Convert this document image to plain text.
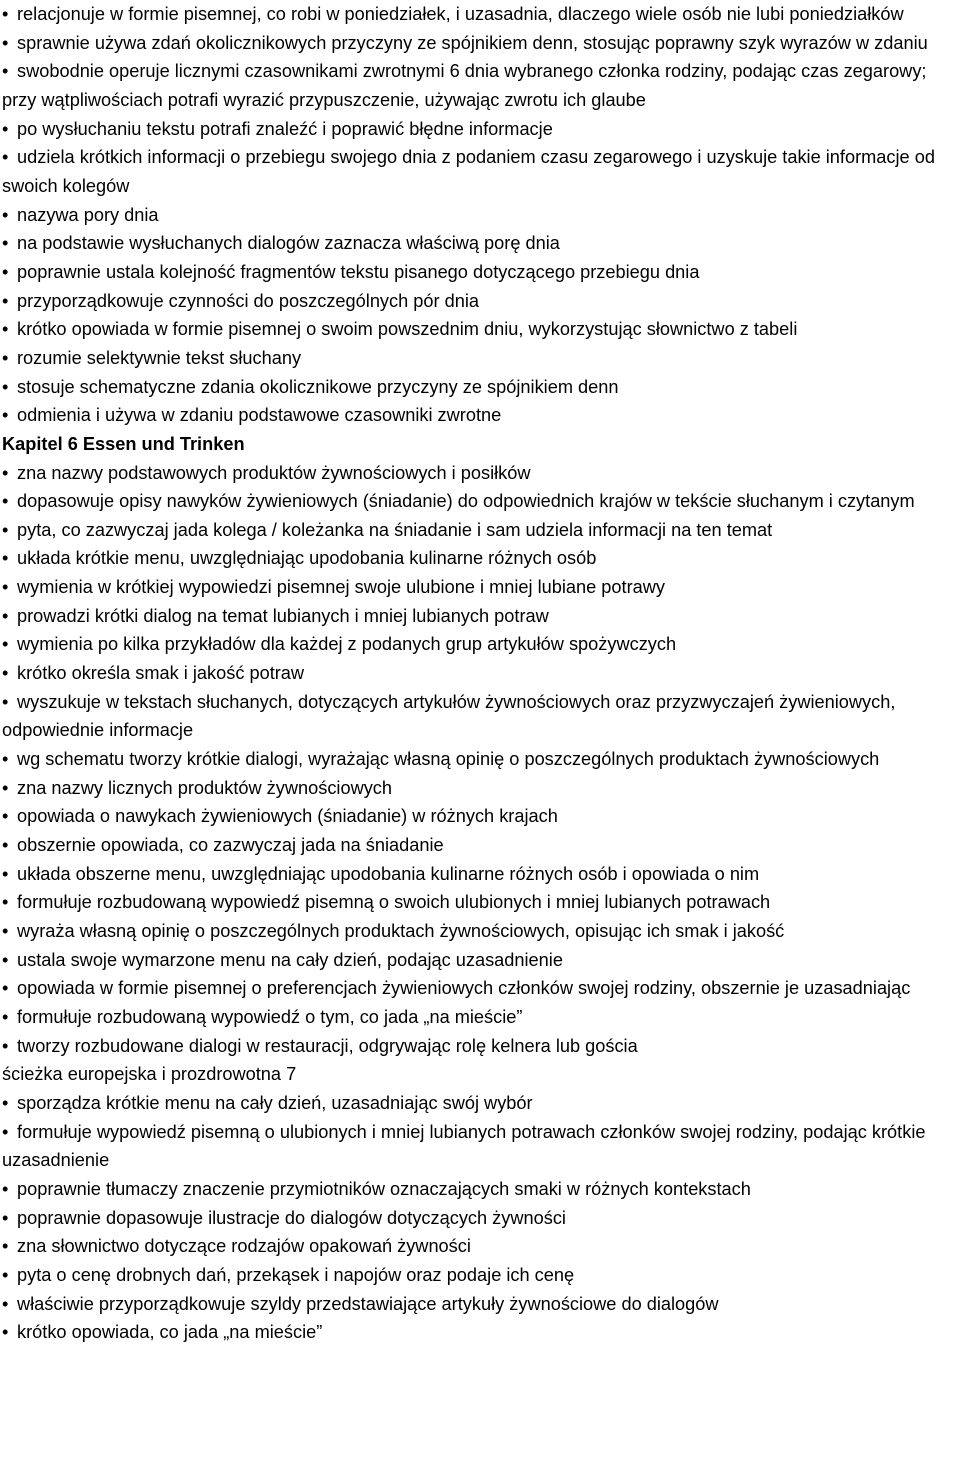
• relacjonuje w formie pisemnej, co robi w poniedziałek, i uzasadnia, dlaczego wiele osób nie lubi poniedziałków

• sprawnie używa zdań okolicznikowych przyczyny ze spójnikiem denn, stosując poprawny szyk wyrazów w zdaniu

• swobodnie operuje licznymi czasownikami zwrotnymi 6 dnia wybranego członka rodziny, podając czas zegarowy; przy wątpliwościach potrafi wyrazić przypuszczenie, używając zwrotu ich glaube

• po wysłuchaniu tekstu potrafi znaleźć i poprawić błędne informacje

• udziela krótkich informacji o przebiegu swojego dnia z podaniem czasu zegarowego i uzyskuje takie informacje od swoich kolegów

• nazywa pory dnia

• na podstawie wysłuchanych dialogów zaznacza właściwą porę dnia

• poprawnie ustala kolejność fragmentów tekstu pisanego dotyczącego przebiegu dnia

• przyporządkowuje czynności do poszczególnych pór dnia

• krótko opowiada w formie pisemnej o swoim powszednim dniu, wykorzystując słownictwo z tabeli

• rozumie selektywnie tekst słuchany

• stosuje schematyczne zdania okolicznikowe przyczyny ze spójnikiem denn

• odmienia i używa w zdaniu podstawowe czasowniki zwrotne

Kapitel 6 Essen und Trinken

• zna nazwy podstawowych produktów żywnościowych i posiłków

• dopasowuje opisy nawyków żywieniowych (śniadanie) do odpowiednich krajów w tekście słuchanym i czytanym

• pyta, co zazwyczaj jada kolega / koleżanka na śniadanie i sam udziela informacji na ten temat

• układa krótkie menu, uwzględniając upodobania kulinarne różnych osób

• wymienia w krótkiej wypowiedzi pisemnej swoje ulubione i mniej lubiane potrawy

• prowadzi krótki dialog na temat lubianych i mniej lubianych potraw

• wymienia po kilka przykładów dla każdej z podanych grup artykułów spożywczych

• krótko określa smak i jakość potraw

• wyszukuje w tekstach słuchanych, dotyczących artykułów żywnościowych oraz przyzwyczajeń żywieniowych, odpowiednie informacje

• wg schematu tworzy krótkie dialogi, wyrażając własną opinię o poszczególnych produktach żywnościowych

• zna nazwy licznych produktów żywnościowych

• opowiada o nawykach żywieniowych (śniadanie) w różnych krajach

• obszernie opowiada, co zazwyczaj jada na śniadanie

• układa obszerne menu, uwzględniając upodobania kulinarne różnych osób i opowiada o nim

• formułuje rozbudowaną wypowiedź pisemną o swoich ulubionych i mniej lubianych potrawach

• wyraża własną opinię o poszczególnych produktach żywnościowych, opisując ich smak i jakość

• ustala swoje wymarzone menu na cały dzień, podając uzasadnienie

• opowiada w formie pisemnej o preferencjach żywieniowych członków swojej rodziny, obszernie je uzasadniając

• formułuje rozbudowaną wypowiedź o tym, co jada „na mieście”

• tworzy rozbudowane dialogi w restauracji, odgrywając rolę kelnera lub gościa

ścieżka europejska i prozdrowotna 7

• sporządza krótkie menu na cały dzień, uzasadniając swój wybór

• formułuje wypowiedź pisemną o ulubionych i mniej lubianych potrawach członków swojej rodziny, podając krótkie uzasadnienie

• poprawnie tłumaczy znaczenie przymiotników oznaczających smaki w różnych kontekstach

• poprawnie dopasowuje ilustracje do dialogów dotyczących żywności

• zna słownictwo dotyczące rodzajów opakowań żywności

• pyta o cenę drobnych dań, przekąsek i napojów oraz podaje ich cenę

• właściwie przyporządkowuje szyldy przedstawiające artykuły żywnościowe do dialogów

• krótko opowiada, co jada „na mieście”
